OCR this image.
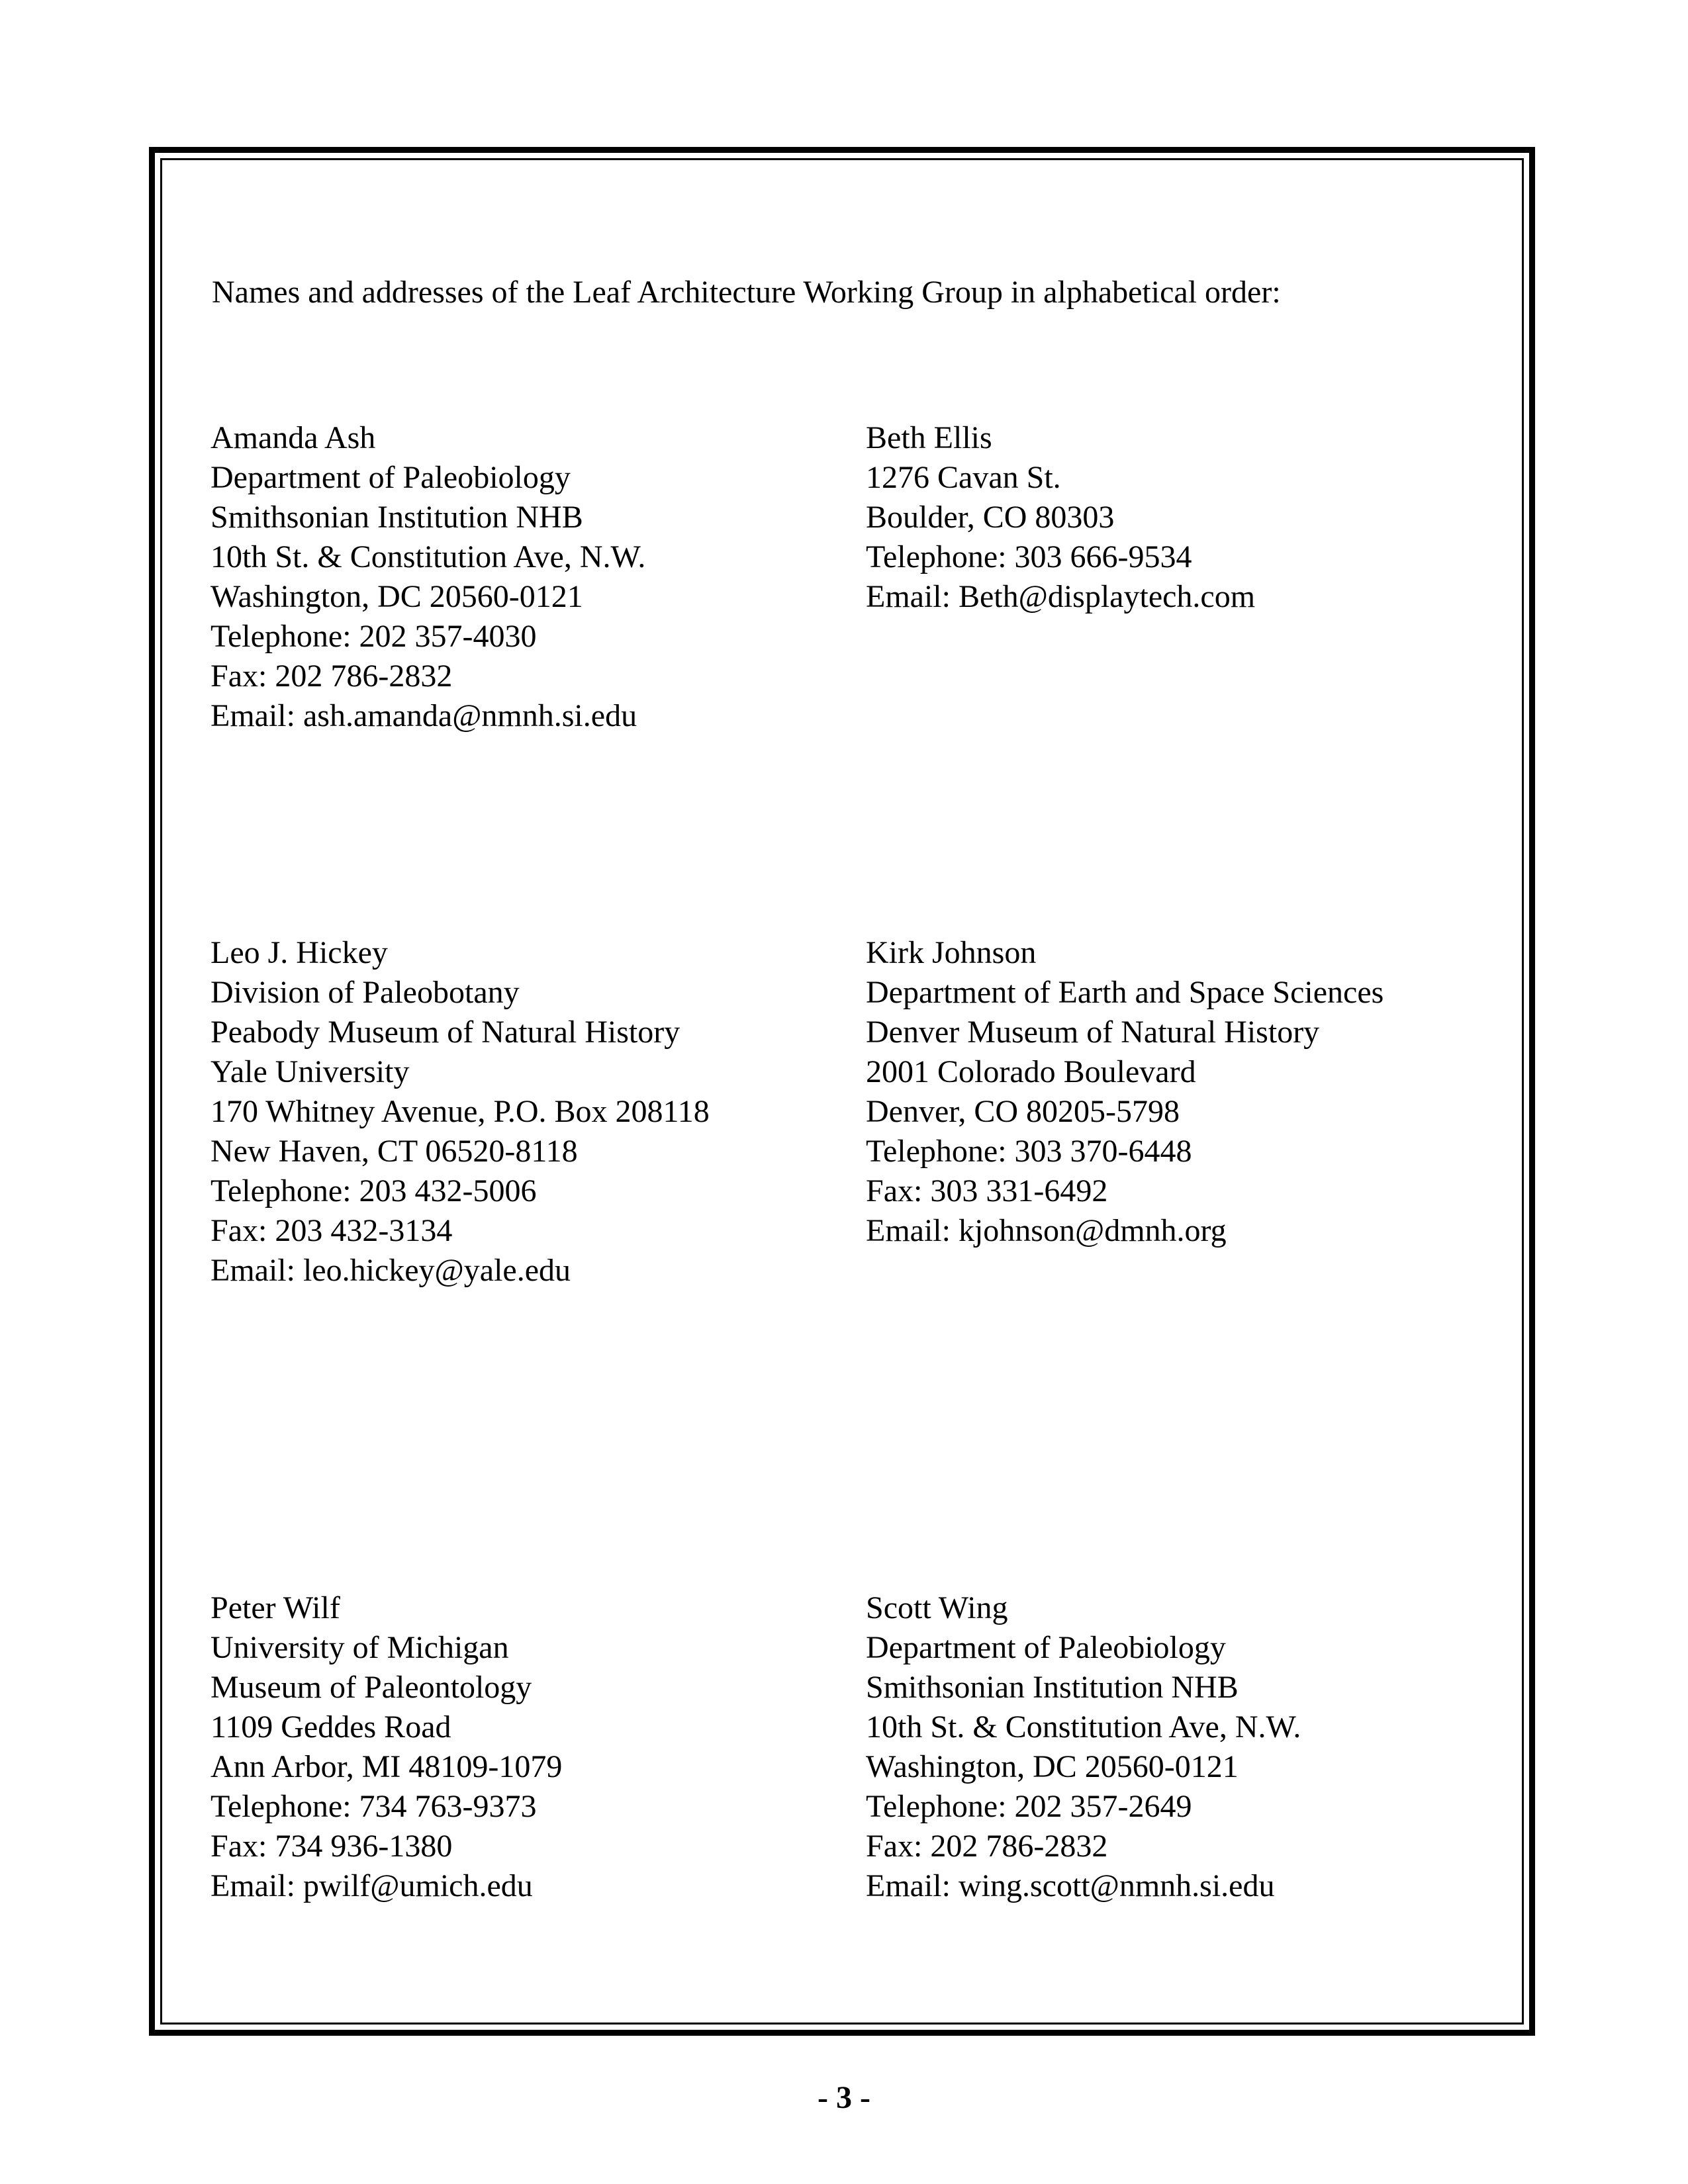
Names and addresses of the Leaf Architecture Working Group in alphabetical order:
Amanda Ash
Department of Paleobiology
Smithsonian Institution NHB
10th St. & Constitution Ave, N.W.
Washington, DC 20560-0121
Telephone: 202 357-4030
Fax: 202 786-2832
Email: ash.amanda@nmnh.si.edu
Beth Ellis
1276 Cavan St.
Boulder, CO 80303
Telephone: 303 666-9534
Email: Beth@displaytech.com
Leo J. Hickey
Division of Paleobotany
Peabody Museum of Natural History
Yale University
170 Whitney Avenue, P.O. Box 208118
New Haven, CT 06520-8118
Telephone: 203 432-5006
Fax: 203 432-3134
Email: leo.hickey@yale.edu
Kirk Johnson
Department of Earth and Space Sciences
Denver Museum of Natural History
2001 Colorado Boulevard
Denver, CO 80205-5798
Telephone: 303 370-6448
Fax: 303 331-6492
Email: kjohnson@dmnh.org
Peter Wilf
University of Michigan
Museum of Paleontology
1109 Geddes Road
Ann Arbor, MI 48109-1079
Telephone: 734 763-9373
Fax: 734 936-1380
Email: pwilf@umich.edu
Scott Wing
Department of Paleobiology
Smithsonian Institution NHB
10th St. & Constitution Ave, N.W.
Washington, DC 20560-0121
Telephone: 202 357-2649
Fax: 202 786-2832
Email: wing.scott@nmnh.si.edu
- 3 -
